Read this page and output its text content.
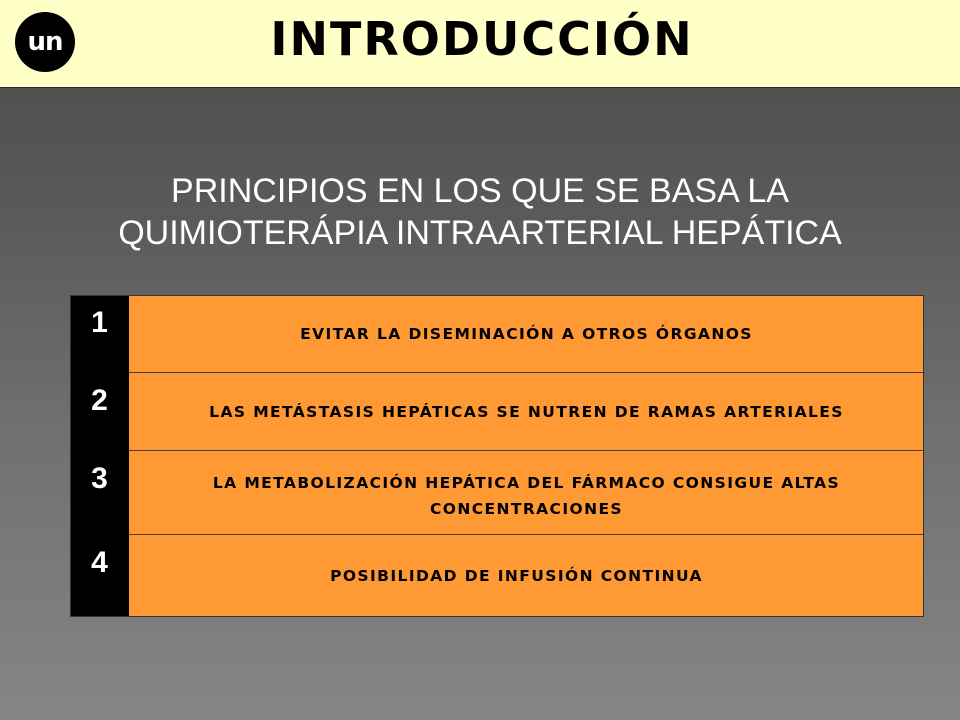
un	INTRODUCCIÓN
PRINCIPIOS EN LOS QUE SE BASA LA
QUIMIOTERÁPIA INTRAARTERIAL HEPÁTICA
1	EVITAR LA DISEMINACIÓN A OTROS ÓRGANOS
2	LAS METÁSTASIS HEPÁTICAS SE NUTREN DE RAMAS ARTERIALES
3	LA METABOLIZACIÓN HEPÁTICA DEL FÁRMACO CONSIGUE ALTAS
CONCENTRACIONES
4	POSIBILIDAD DE INFUSIÓN CONTINUA
